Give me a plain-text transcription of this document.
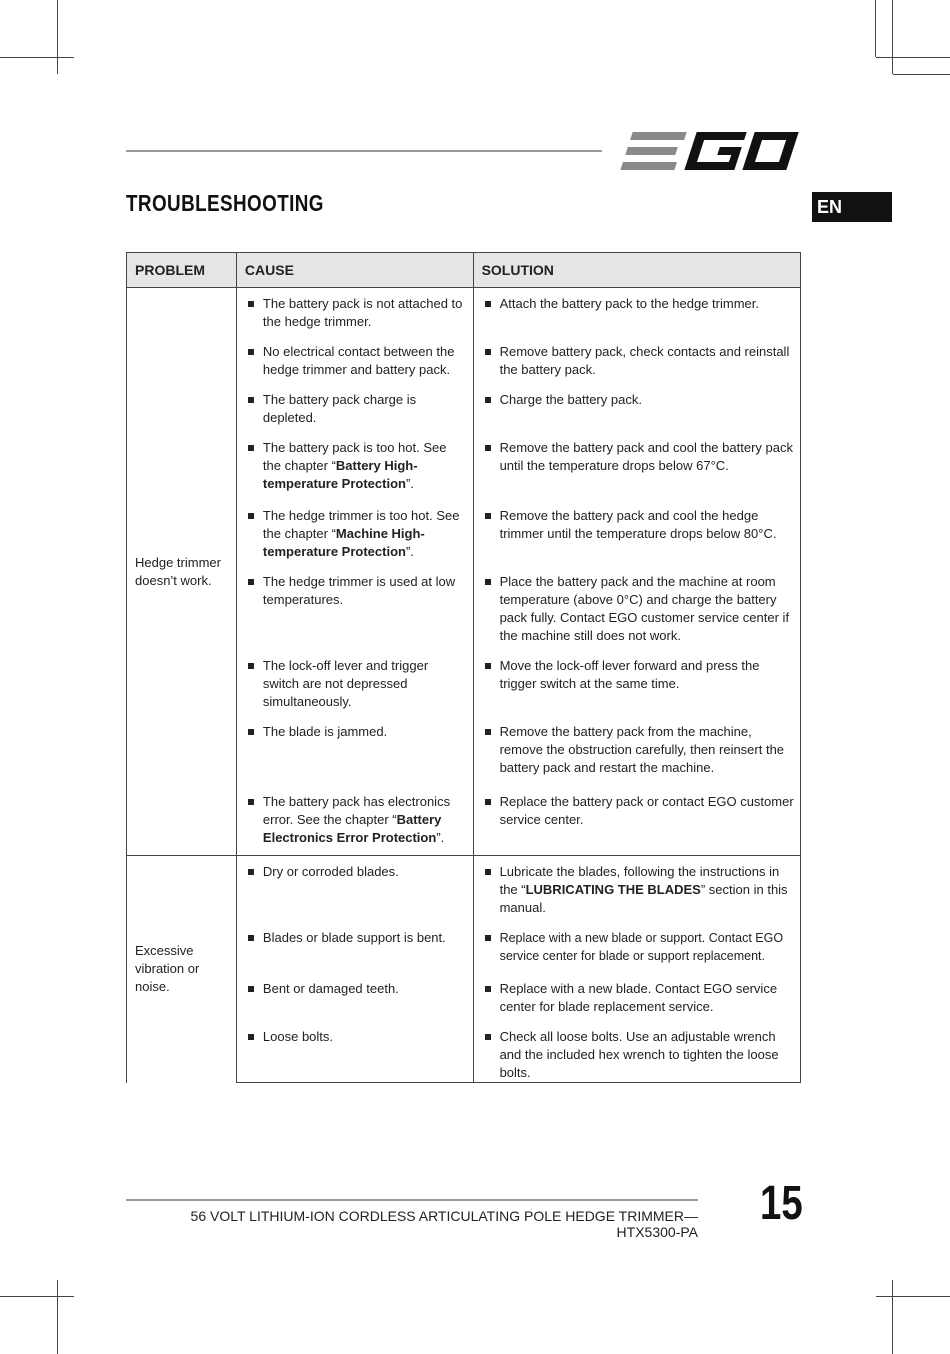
TROUBLESHOOTING	EN
PROBLEM	CAUSE	SOLUTION
Hedge trimmer doesn’t work.	The battery pack is not attached to the hedge trimmer.	Attach the battery pack to the hedge trimmer.

	No electrical contact between the hedge trimmer and battery pack.	Remove battery pack, check contacts and reinstall the battery pack.

	The battery pack charge is depleted.	Charge the battery pack.

	The battery pack is too hot. See the chapter “Battery High-temperature Protection”.	Remove the battery pack and cool the battery pack until the temperature drops below 67°C.

	The hedge trimmer is too hot. See the chapter “Machine High-temperature Protection”.	Remove the battery pack and cool the hedge trimmer until the temperature drops below 80°C.

	The hedge trimmer is used at low temperatures.	Place the battery pack and the machine at room temperature (above 0°C) and charge the battery pack fully. Contact EGO customer service center if the machine still does not work.

	The lock-off lever and trigger switch are not depressed simultaneously.	Move the lock-off lever forward and press the trigger switch at the same time.

	The blade is jammed.	Remove the battery pack from the machine, remove the obstruction carefully, then reinsert the battery pack and restart the machine.

	The battery pack has electronics error. See the chapter “Battery Electronics Error Protection”.	Replace the battery pack or contact EGO customer service center.

Excessive vibration or noise.	Dry or corroded blades.	Lubricate the blades, following the instructions in the “LUBRICATING THE BLADES” section in this manual.

	Blades or blade support is bent.	Replace with a new blade or support. Contact EGO service center for blade or support replacement.

	Bent or damaged teeth.	Replace with a new blade. Contact EGO service center for blade replacement service.

	Loose bolts.	Check all loose bolts. Use an adjustable wrench and the included hex wrench to tighten the loose bolts.
56 VOLT LITHIUM-ION CORDLESS ARTICULATING POLE HEDGE TRIMMER— HTX5300-PA
15
